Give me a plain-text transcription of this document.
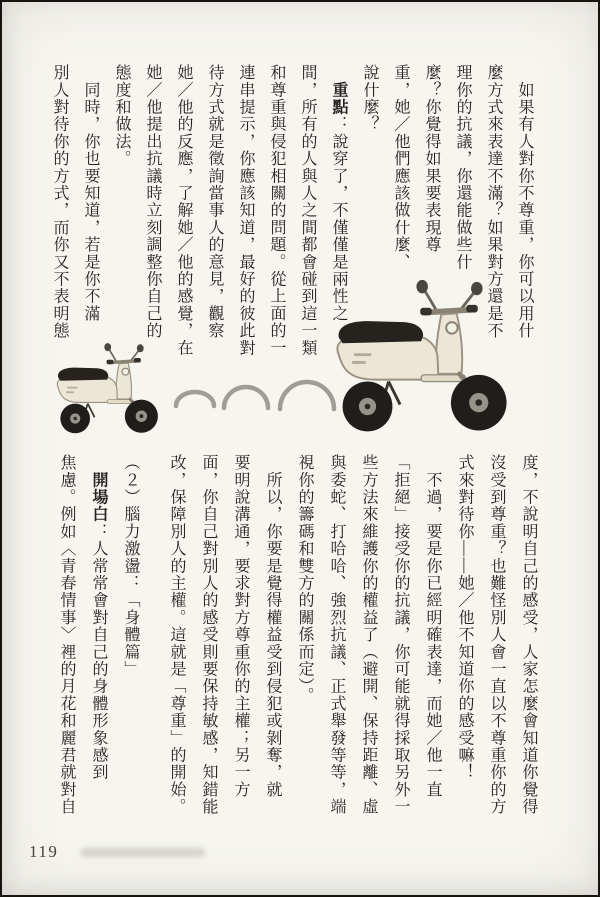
　如果有人對你不尊重，你可以用什
麼方式來表達不滿？如果對方還是不
理你的抗議，你還能做些什
麼？你覺得如果要表現尊
重，她／他們應該做什麼、
說什麼？
　重點：說穿了，不僅僅是兩性之
間，所有的人與人之間都會碰到這一類
和尊重與侵犯相關的問題。從上面的一
連串提示，你應該知道，最好的彼此對
待方式就是徵詢當事人的意見，觀察
她／他的反應，了解她／他的感覺，在
她／他提出抗議時立刻調整你自己的
態度和做法。
　同時，你也要知道，若是你不滿
別人對待你的方式，而你又不表明態
度，不說明自己的感受，人家怎麼會知道你覺得
沒受到尊重？也難怪別人會一直以不尊重你的方
式來對待你——她／他不知道你的感受嘛！
　不過，要是你已經明確表達，而她／他一直
「拒絕」接受你的抗議，你可能就得採取另外一
些方法來維護你的權益了（避開、保持距離、虛
與委蛇、打哈哈、強烈抗議、正式舉發等等，端
視你的籌碼和雙方的關係而定）。
　所以，你要是覺得權益受到侵犯或剝奪，就
要明說溝通，要求對方尊重你的主權；另一方
面，你自己對別人的感受則要保持敏感，知錯能
改，保障別人的主權。這就是「尊重」的開始。
（２）腦力激盪：「身體篇」
　開場白：人常常會對自己的身體形象感到
焦慮。例如〈青春情事〉裡的月花和麗君就對自
119
